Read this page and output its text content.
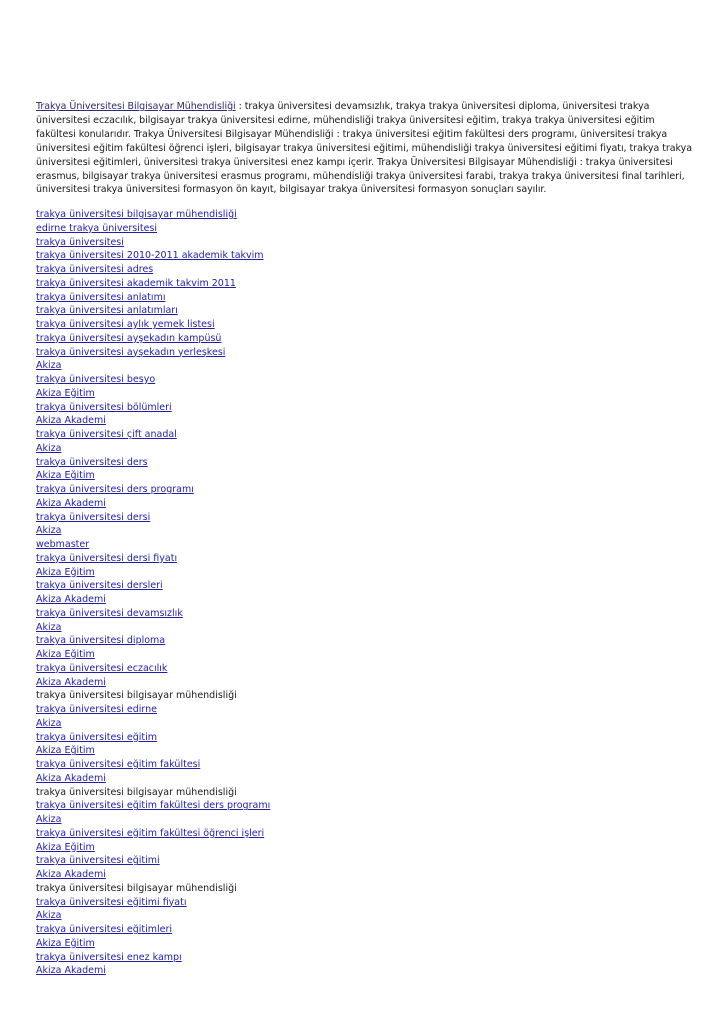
Trakya Üniversitesi Bilgisayar Mühendisliği : trakya üniversitesi devamsızlık, trakya trakya üniversitesi diploma, üniversitesi trakya üniversitesi eczacılık, bilgisayar trakya üniversitesi edirne, mühendisliği trakya üniversitesi eğitim, trakya trakya üniversitesi eğitim fakültesi konularıdır. Trakya Üniversitesi Bilgisayar Mühendisliği : trakya üniversitesi eğitim fakültesi ders programı, üniversitesi trakya üniversitesi eğitim fakültesi öğrenci işleri, bilgisayar trakya üniversitesi eğitimi, mühendisliği trakya üniversitesi eğitimi fiyatı, trakya trakya üniversitesi eğitimleri, üniversitesi trakya üniversitesi enez kampı içerir. Trakya Üniversitesi Bilgisayar Mühendisliği : trakya üniversitesi erasmus, bilgisayar trakya üniversitesi erasmus programı, mühendisliği trakya üniversitesi farabi, trakya trakya üniversitesi final tarihleri, üniversitesi trakya üniversitesi formasyon ön kayıt, bilgisayar trakya üniversitesi formasyon sonuçları sayılır.

trakya üniversitesi bilgisayar mühendisliği
edirne trakya üniversitesi
trakya üniversitesi
trakya üniversitesi 2010-2011 akademik takvim
trakya üniversitesi adres
trakya üniversitesi akademik takvim 2011
trakya üniversitesi anlatımı
trakya üniversitesi anlatımları
trakya üniversitesi aylık yemek listesi
trakya üniversitesi ayşekadın kampüsü
trakya üniversitesi ayşekadın yerleşkesi
Akiza
trakya üniversitesi besyo
Akiza Eğitim
trakya üniversitesi bölümleri
Akiza Akademi
trakya üniversitesi çift anadal
Akiza
trakya üniversitesi ders
Akiza Eğitim
trakya üniversitesi ders programı
Akiza Akademi
trakya üniversitesi dersi
Akiza
webmaster
trakya üniversitesi dersi fiyatı
Akiza Eğitim
trakya üniversitesi dersleri
Akiza Akademi
trakya üniversitesi devamsızlık
Akiza
trakya üniversitesi diploma
Akiza Eğitim
trakya üniversitesi eczacılık
Akiza Akademi
trakya üniversitesi bilgisayar mühendisliği
trakya üniversitesi edirne
Akiza
trakya üniversitesi eğitim
Akiza Eğitim
trakya üniversitesi eğitim fakültesi
Akiza Akademi
trakya üniversitesi bilgisayar mühendisliği
trakya üniversitesi eğitim fakültesi ders programı
Akiza
trakya üniversitesi eğitim fakültesi öğrenci işleri
Akiza Eğitim
trakya üniversitesi eğitimi
Akiza Akademi
trakya üniversitesi bilgisayar mühendisliği
trakya üniversitesi eğitimi fiyatı
Akiza
trakya üniversitesi eğitimleri
Akiza Eğitim
trakya üniversitesi enez kampı
Akiza Akademi
